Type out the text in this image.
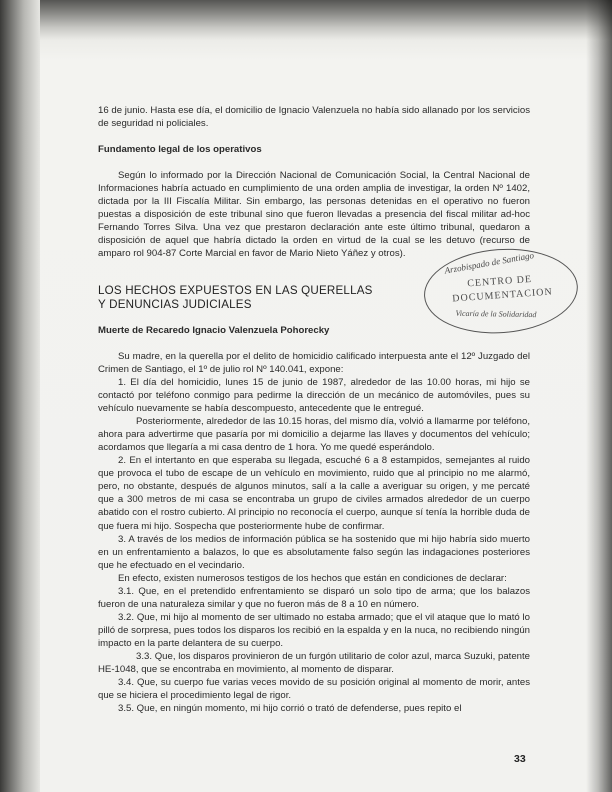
16 de junio. Hasta ese día, el domicilio de Ignacio Valenzuela no había sido allanado por los servicios de seguridad ni policiales.

Fundamento legal de los operativos

Según lo informado por la Dirección Nacional de Comunicación Social, la Central Nacional de Informaciones habría actuado en cumplimiento de una orden amplia de investigar, la orden Nº 1402, dictada por la III Fiscalía Militar. Sin embargo, las personas detenidas en el operativo no fueron puestas a disposición de este tribunal sino que fueron llevadas a presencia del fiscal militar ad-hoc Fernando Torres Silva. Una vez que prestaron declaración ante este último tribunal, quedaron a disposición de aquel que habría dictado la orden en virtud de la cual se les detuvo (recurso de amparo rol 904-87 Corte Marcial en favor de Mario Nieto Yáñez y otros).

LOS HECHOS EXPUESTOS EN LAS QUERELLAS

Y DENUNCIAS JUDICIALES

Muerte de Recaredo Ignacio Valenzuela Pohorecky

Su madre, en la querella por el delito de homicidio calificado interpuesta ante el 12º Juzgado del Crimen de Santiago, el 1º de julio rol Nº 140.041, expone:

1. El día del homicidio, lunes 15 de junio de 1987, alrededor de las 10.00 horas, mi hijo se contactó por teléfono conmigo para pedirme la dirección de un mecánico de automóviles, pues su vehículo nuevamente se había descompuesto, antecedente que le entregué.

Posteriormente, alrededor de las 10.15 horas, del mismo día, volvió a llamarme por teléfono, ahora para advertirme que pasaría por mi domicilio a dejarme las llaves y documentos del vehículo; acordamos que llegaría a mi casa dentro de 1 hora. Yo me quedé esperándolo.

2. En el intertanto en que esperaba su llegada, escuché 6 a 8 estampidos, semejantes al ruido que provoca el tubo de escape de un vehículo en movimiento, ruido que al principio no me alarmó, pero, no obstante, después de algunos minutos, salí a la calle a averiguar su origen, y me percaté que a 300 metros de mi casa se encontraba un grupo de civiles armados alrededor de un cuerpo abatido con el rostro cubierto. Al principio no reconocía el cuerpo, aunque sí tenía la horrible duda de que fuera mi hijo. Sospecha que posteriormente hube de confirmar.

3. A través de los medios de información pública se ha sostenido que mi hijo habría sido muerto en un enfrentamiento a balazos, lo que es absolutamente falso según las indagaciones posteriores que he efectuado en el vecindario.

En efecto, existen numerosos testigos de los hechos que están en condiciones de declarar:

3.1. Que, en el pretendido enfrentamiento se disparó un solo tipo de arma; que los balazos fueron de una naturaleza similar y que no fueron más de 8 a 10 en número.

3.2. Que, mi hijo al momento de ser ultimado no estaba armado; que el vil ataque que lo mató lo pilló de sorpresa, pues todos los disparos los recibió en la espalda y en la nuca, no recibiendo ningún impacto en la parte delantera de su cuerpo.

3.3. Que, los disparos provinieron de un furgón utilitario de color azul, marca Suzuki, patente HE-1048, que se encontraba en movimiento, al momento de disparar.

3.4. Que, su cuerpo fue varias veces movido de su posición original al momento de morir, antes que se hiciera el procedimiento legal de rigor.

3.5. Que, en ningún momento, mi hijo corrió o trató de defenderse, pues repito el

Arzobispado de Santiago
CENTRO DE
DOCUMENTACION
Vicaría de la Solidaridad
33
